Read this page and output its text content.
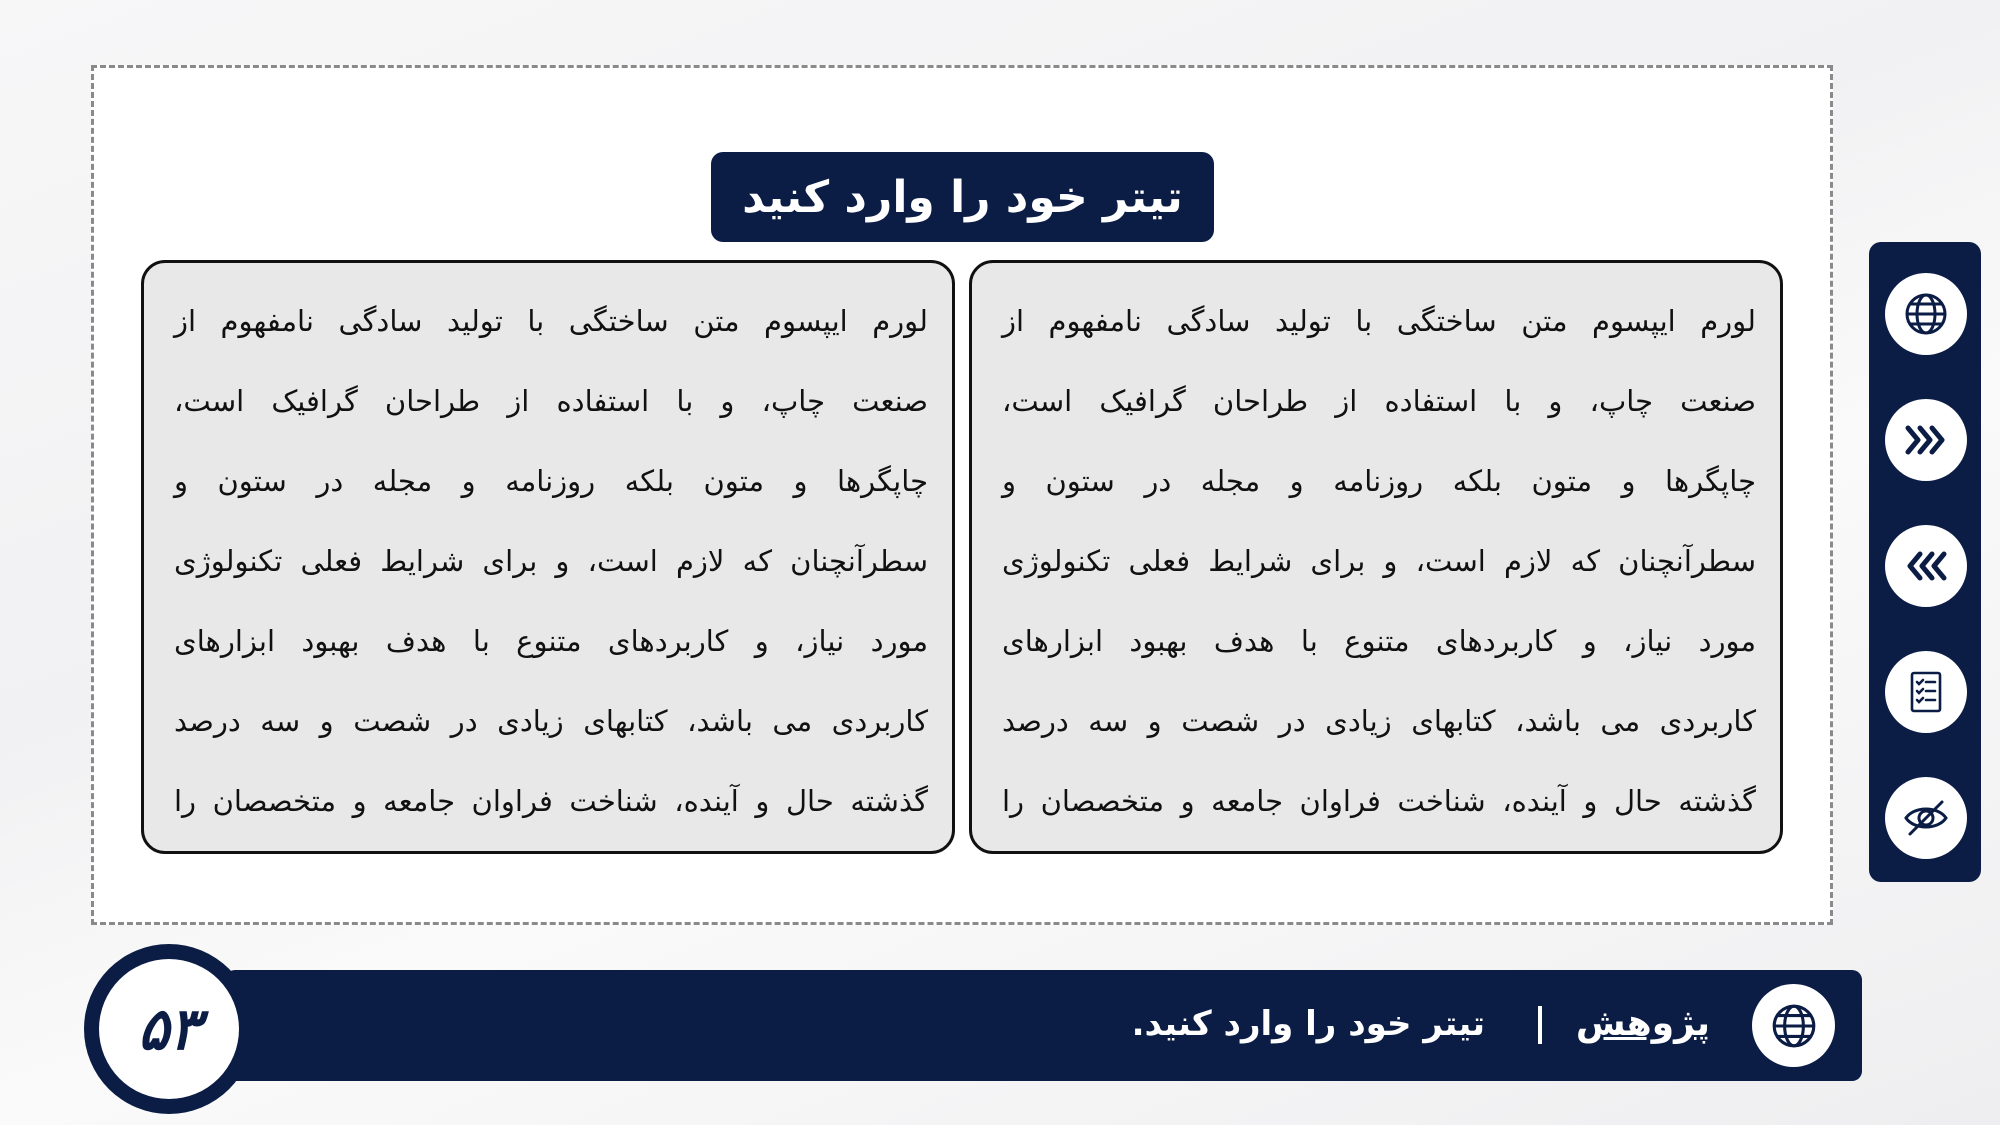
تیتر خود را وارد کنید
لورم ایپسوم متن ساختگی با تولید سادگی نامفهوم از
صنعت چاپ، و با استفاده از طراحان گرافیک است،
چاپگرها و متون بلکه روزنامه و مجله در ستون و
سطرآنچنان که لازم است، و برای شرایط فعلی تکنولوژی
مورد نیاز، و کاربردهای متنوع با هدف بهبود ابزارهای
کاربردی می باشد، کتابهای زیادی در شصت و سه درصد
گذشته حال و آینده، شناخت فراوان جامعه و متخصصان را
لورم ایپسوم متن ساختگی با تولید سادگی نامفهوم از
صنعت چاپ، و با استفاده از طراحان گرافیک است،
چاپگرها و متون بلکه روزنامه و مجله در ستون و
سطرآنچنان که لازم است، و برای شرایط فعلی تکنولوژی
مورد نیاز، و کاربردهای متنوع با هدف بهبود ابزارهای
کاربردی می باشد، کتابهای زیادی در شصت و سه درصد
گذشته حال و آینده، شناخت فراوان جامعه و متخصصان را
پژوهش
تیتر خود را وارد کنید.
۵۳
